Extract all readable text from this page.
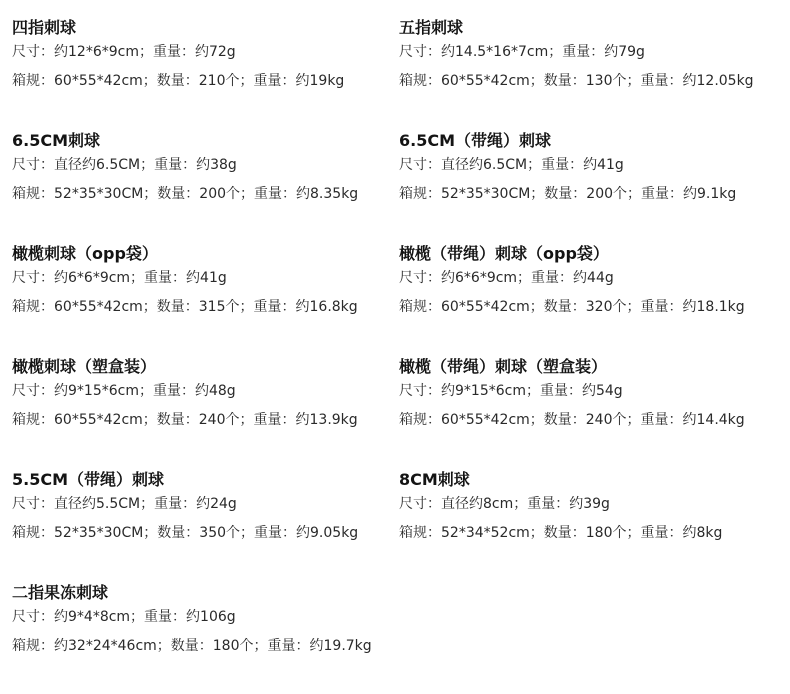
四指刺球
尺寸：约12*6*9cm；重量：约72g
箱规：60*55*42cm；数量：210个；重量：约19kg
五指刺球
尺寸：约14.5*16*7cm；重量：约79g
箱规：60*55*42cm；数量：130个；重量：约12.05kg
6.5CM刺球
尺寸：直径约6.5CM；重量：约38g
箱规：52*35*30CM；数量：200个；重量：约8.35kg
6.5CM（带绳）刺球
尺寸：直径约6.5CM；重量：约41g
箱规：52*35*30CM；数量：200个；重量：约9.1kg
橄榄刺球（opp袋）
尺寸：约6*6*9cm；重量：约41g
箱规：60*55*42cm；数量：315个；重量：约16.8kg
橄榄（带绳）刺球（opp袋）
尺寸：约6*6*9cm；重量：约44g
箱规：60*55*42cm；数量：320个；重量：约18.1kg
橄榄刺球（塑盒装）
尺寸：约9*15*6cm；重量：约48g
箱规：60*55*42cm；数量：240个；重量：约13.9kg
橄榄（带绳）刺球（塑盒装）
尺寸：约9*15*6cm；重量：约54g
箱规：60*55*42cm；数量：240个；重量：约14.4kg
5.5CM（带绳）刺球
尺寸：直径约5.5CM；重量：约24g
箱规：52*35*30CM；数量：350个；重量：约9.05kg
8CM刺球
尺寸：直径约8cm；重量：约39g
箱规：52*34*52cm；数量：180个；重量：约8kg
二指果冻刺球
尺寸：约9*4*8cm；重量：约106g
箱规：约32*24*46cm；数量：180个；重量：约19.7kg
